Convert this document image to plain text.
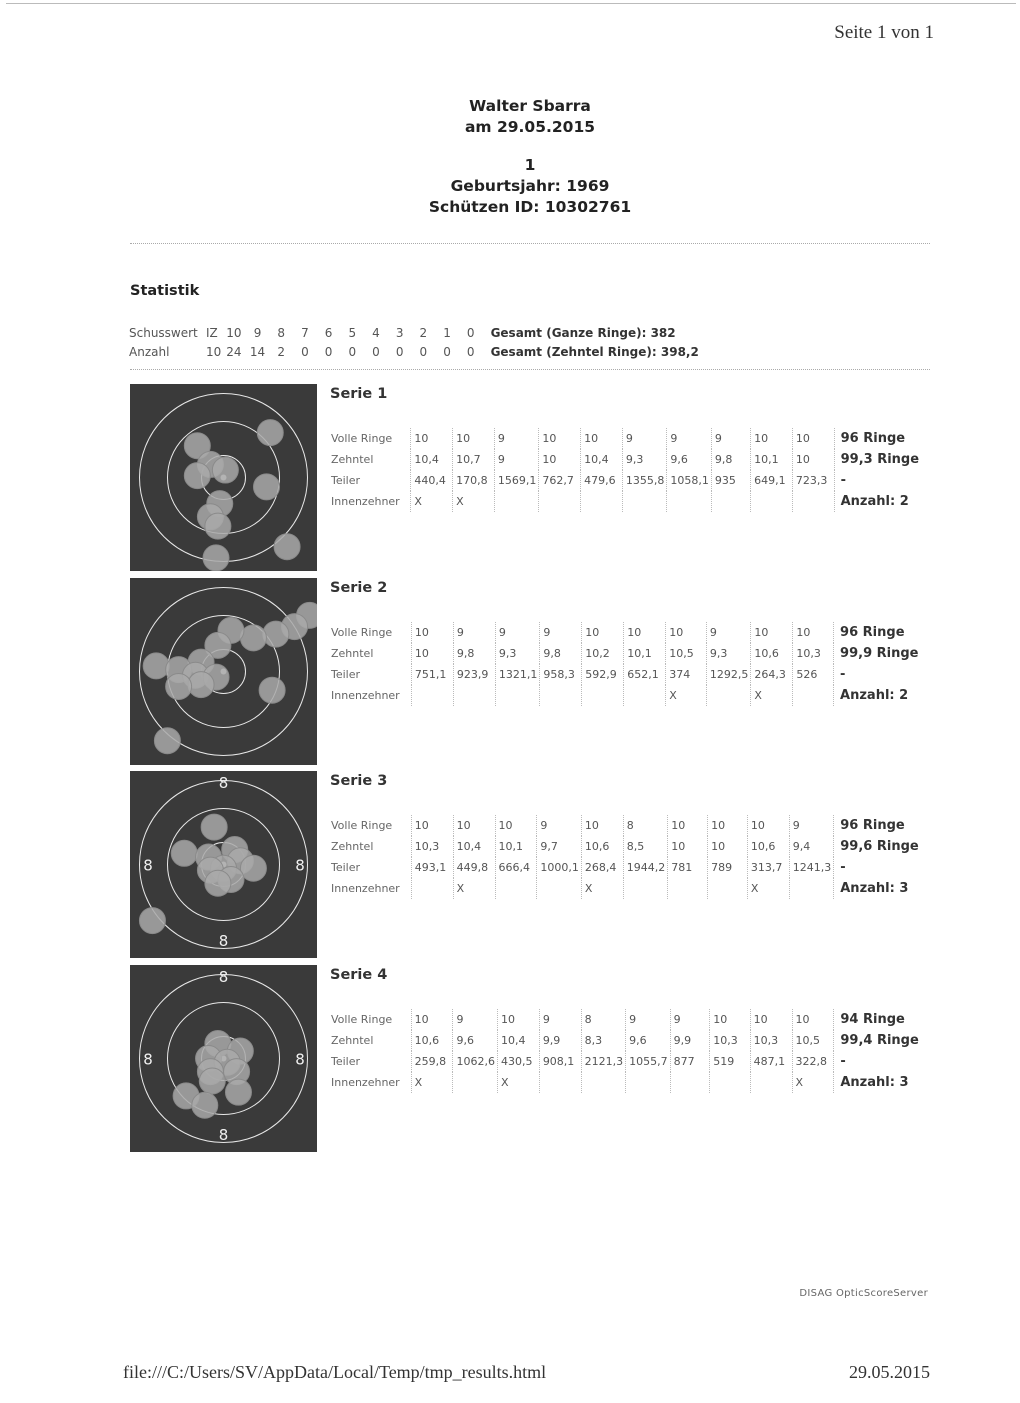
Seite 1 von 1
Walter Sbarra
am 29.05.2015
1
Geburtsjahr: 1969
Schützen ID: 10302761
Statistik
Schusswert	IZ	10	9	8	7	6	5	4	3	2	1	0	Gesamt (Ganze Ringe): 382
Anzahl	10	24	14	2	0	0	0	0	0	0	0	0	Gesamt (Zehntel Ringe): 398,2
Serie 1
Volle Ringe	10	10	9	10	10	9	9	9	10	10	96 Ringe
Zehntel	10,4	10,7	9	10	10,4	9,3	9,6	9,8	10,1	10	99,3 Ringe
Teiler	440,4	170,8	1569,1	762,7	479,6	1355,8	1058,1	935	649,1	723,3	-
Innenzehner	X	X									Anzahl: 2
Serie 2
Volle Ringe	10	9	9	9	10	10	10	9	10	10	96 Ringe
Zehntel	10	9,8	9,3	9,8	10,2	10,1	10,5	9,3	10,6	10,3	99,9 Ringe
Teiler	751,1	923,9	1321,1	958,3	592,9	652,1	374	1292,5	264,3	526	-
Innenzehner							X		X		Anzahl: 2
8
8
8	8
Serie 3
Volle Ringe	10	10	10	9	10	8	10	10	10	9	96 Ringe
Zehntel	10,3	10,4	10,1	9,7	10,6	8,5	10	10	10,6	9,4	99,6 Ringe
Teiler	493,1	449,8	666,4	1000,1	268,4	1944,2	781	789	313,7	1241,3	-
Innenzehner		X			X				X		Anzahl: 3
8
8
8	8
Serie 4
Volle Ringe	10	9	10	9	8	9	9	10	10	10	94 Ringe
Zehntel	10,6	9,6	10,4	9,9	8,3	9,6	9,9	10,3	10,3	10,5	99,4 Ringe
Teiler	259,8	1062,6	430,5	908,1	2121,3	1055,7	877	519	487,1	322,8	-
Innenzehner	X		X							X	Anzahl: 3
DISAG OpticScoreServer
file:///C:/Users/SV/AppData/Local/Temp/tmp_results.html	29.05.2015
